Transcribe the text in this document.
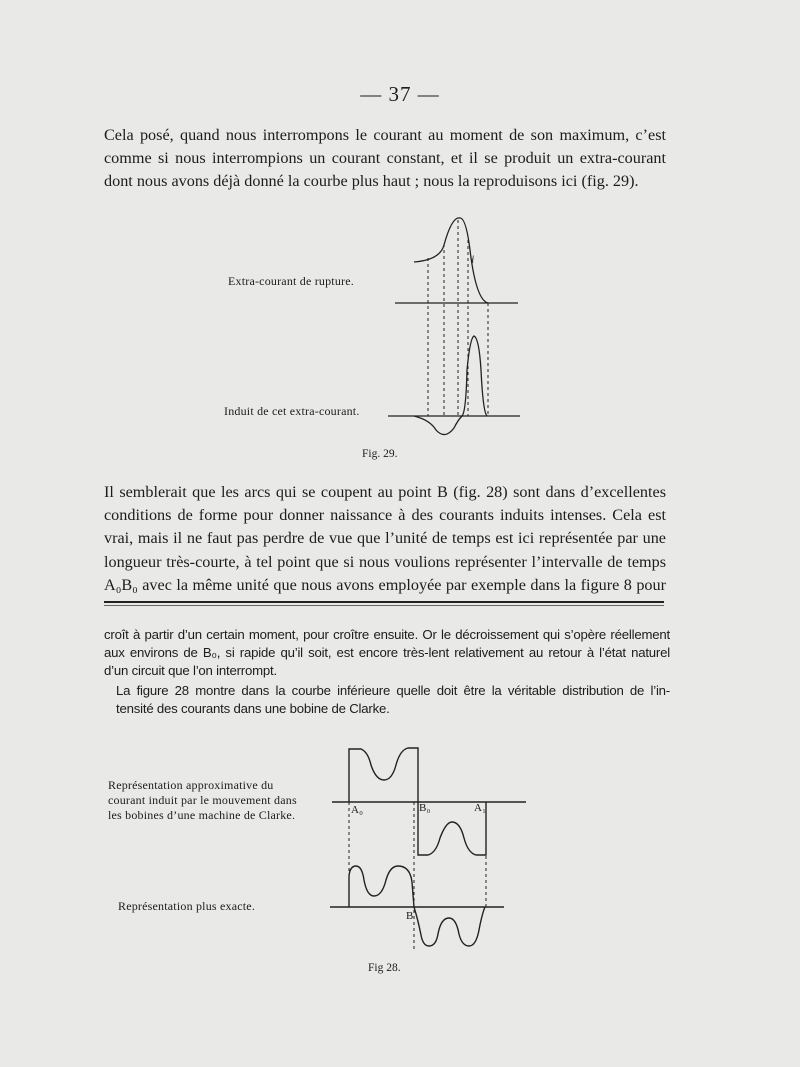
— 37 —
Cela posé, quand nous interrompons le courant au moment de son maximum, c’est
comme si nous interrompions un courant constant, et il se produit un extra-courant
dont nous avons déjà donné la courbe plus haut ; nous la reproduisons ici (fig. 29).
Extra-courant de rupture.
Induit de cet extra-courant.
i
Fig. 29.
Il semblerait que les arcs qui se coupent au point B (fig. 28) sont dans d’excellentes
conditions de forme pour donner naissance à des courants induits intenses. Cela est
vrai, mais il ne faut pas perdre de vue que l’unité de temps est ici représentée par une
longueur très-courte, à tel point que si nous voulions représenter l’intervalle de temps
A₀B₀ avec la même unité que nous avons employée par exemple dans la figure 8 pour
croît à partir d’un certain moment, pour croître ensuite. Or le décroissement qui s’opère réellement
aux environs de B₀, si rapide qu’il soit, est encore très-lent relativement au retour à l’état naturel
d’un circuit que l’on interrompt.
La figure 28 montre dans la courbe inférieure quelle doit être la véritable distribution de l’in-
tensité des courants dans une bobine de Clarke.
Représentation approximative du
courant induit par le mouvement dans
les bobines d’une machine de Clarke.
Représentation plus exacte.
A₀	B₀	A₁
B
Fig 28.
